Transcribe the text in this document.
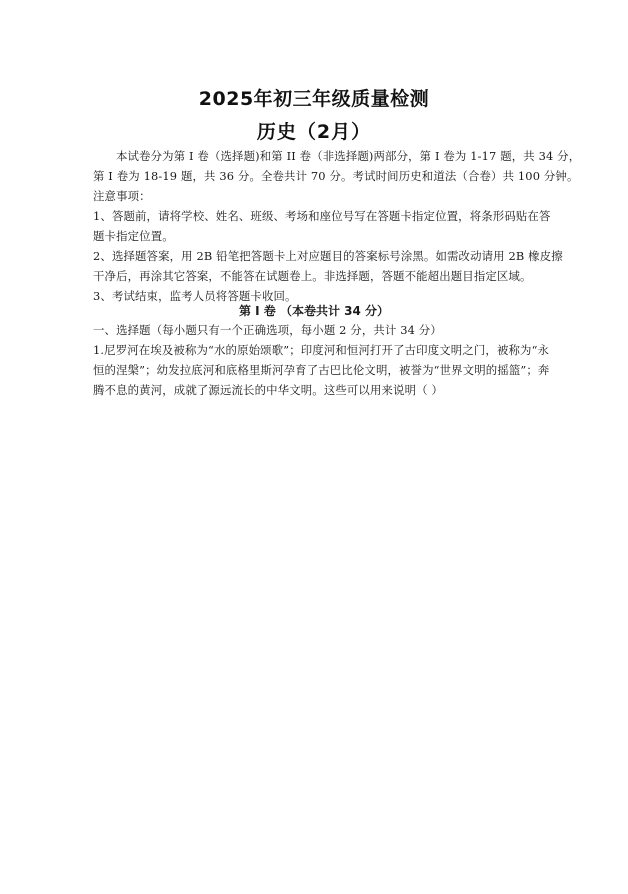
2025年初三年级质量检测
历史（2月）
本试卷分为第 I 卷（选择题)和第 II 卷（非选择题)两部分，第 I 卷为 1-17 题，共 34 分，
第 I 卷为 18-19 题，共 36 分。全卷共计 70 分。考试时间历史和道法（合卷）共 100 分钟。
注意事项：
1、答题前，请将学校、姓名、班级、考场和座位号写在答题卡指定位置，将条形码贴在答
题卡指定位置。
2、选择题答案，用 2B 铅笔把答题卡上对应题目的答案标号涂黑。如需改动请用 2B 橡皮擦
干净后，再涂其它答案，不能答在试题卷上。非选择题，答题不能超出题目指定区域。
3、考试结束，监考人员将答题卡收回。
第 I 卷 （本卷共计 34 分）
一、选择题（每小题只有一个正确选项，每小题 2 分，共计 34 分）
1.尼罗河在埃及被称为“水的原始颂歌”；印度河和恒河打开了古印度文明之门，被称为“永
恒的涅槃”；幼发拉底河和底格里斯河孕育了古巴比伦文明，被誉为“世界文明的摇篮”；奔
腾不息的黄河，成就了源远流长的中华文明。这些可以用来说明（ ）
